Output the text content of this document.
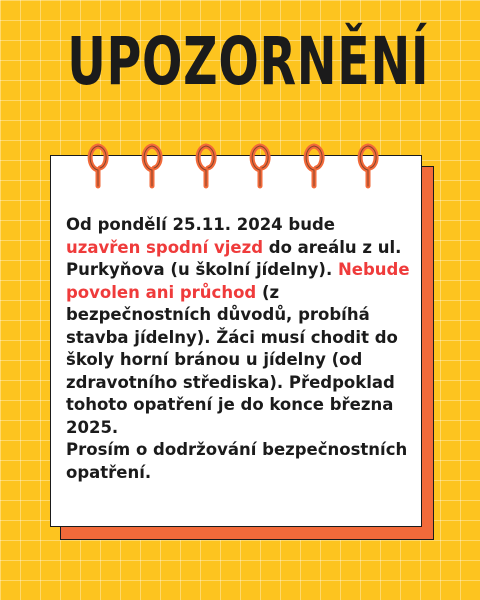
UPOZORNĚNÍ
Od pondělí 25.11. 2024 bude uzavřen spodní vjezd do areálu z ul. Purkyňova (u školní jídelny). Nebude povolen ani průchod (z bezpečnostních důvodů, probíhá stavba jídelny). Žáci musí chodit do školy horní bránou u jídelny (od zdravotního střediska). Předpoklad tohoto opatření je do konce března 2025.
Prosím o dodržování bezpečnostních opatření.
